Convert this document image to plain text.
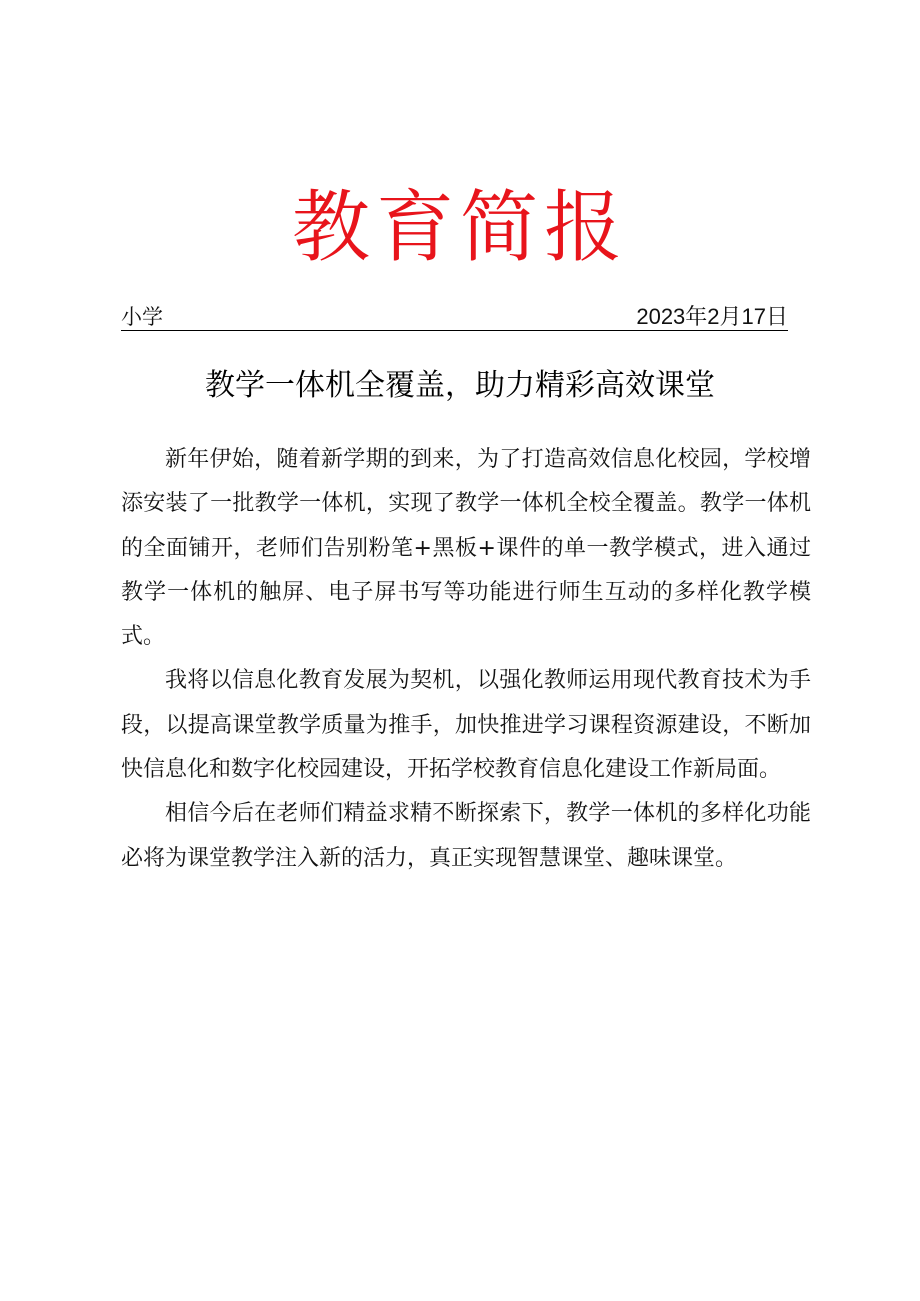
教育简报
小学	2023年2月17日
教学一体机全覆盖，助力精彩高效课堂

新年伊始，随着新学期的到来，为了打造高效信息化校园，学校增添安装了一批教学一体机，实现了教学一体机全校全覆盖。教学一体机的全面铺开，老师们告别粉笔+黑板+课件的单一教学模式，进入通过教学一体机的触屏、电子屏书写等功能进行师生互动的多样化教学模式。

我将以信息化教育发展为契机，以强化教师运用现代教育技术为手段，以提高课堂教学质量为推手，加快推进学习课程资源建设，不断加快信息化和数字化校园建设，开拓学校教育信息化建设工作新局面。

相信今后在老师们精益求精不断探索下，教学一体机的多样化功能必将为课堂教学注入新的活力，真正实现智慧课堂、趣味课堂。
